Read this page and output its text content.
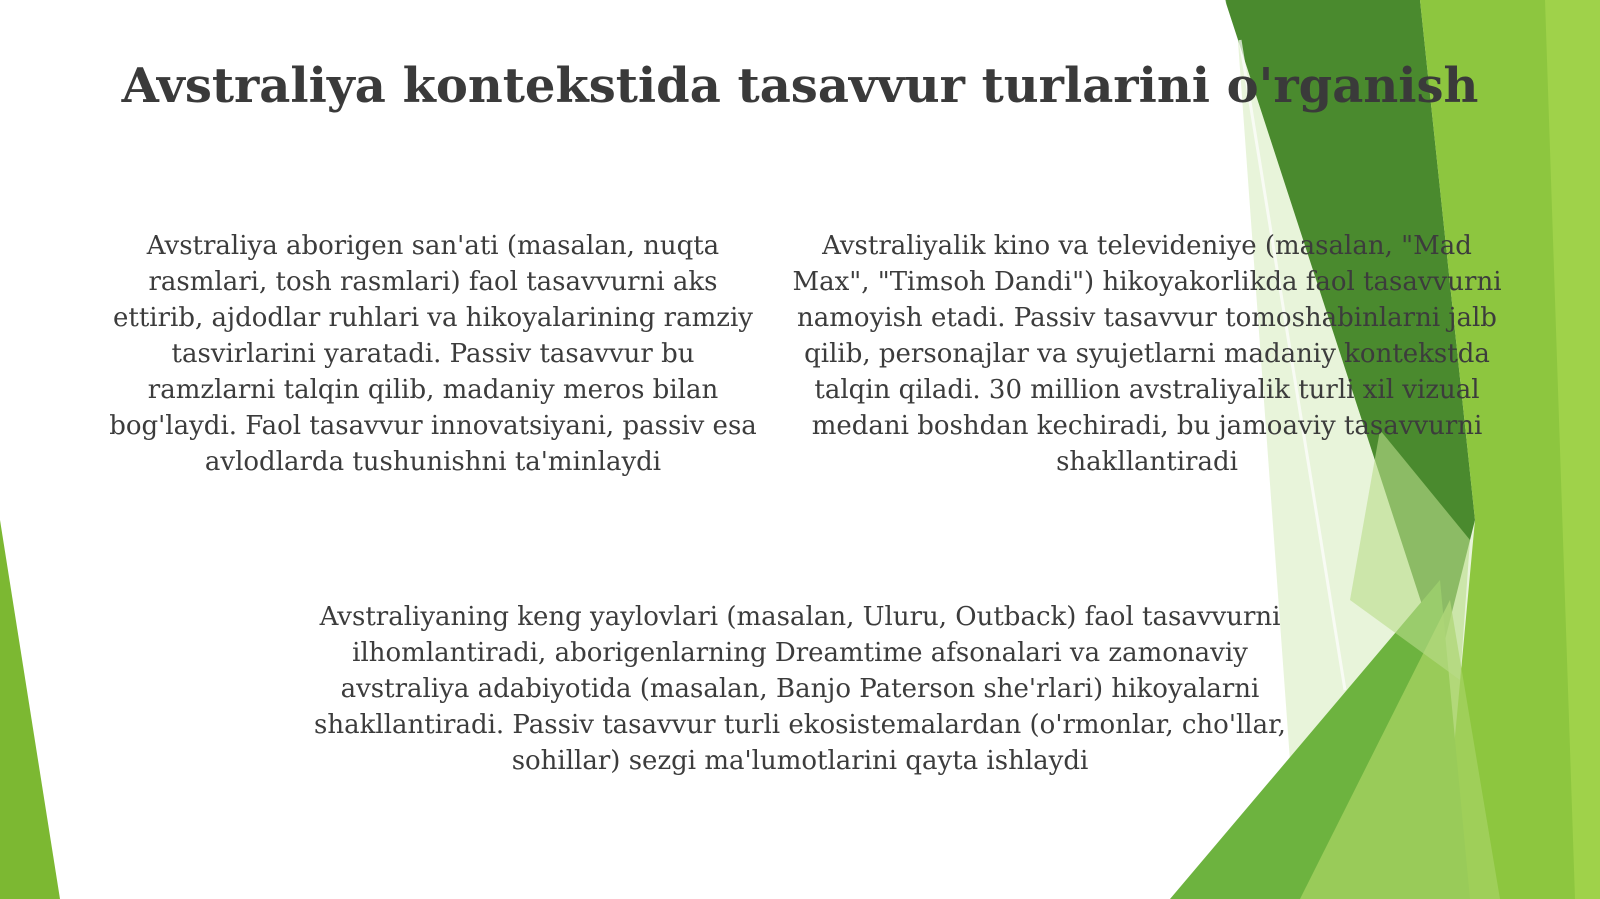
Avstraliya kontekstida tasavvur turlarini o'rganish

Avstraliya aborigen san'ati (masalan, nuqta rasmlari, tosh rasmlari) faol tasavvurni aks ettirib, ajdodlar ruhlari va hikoyalarining ramziy tasvirlarini yaratadi. Passiv tasavvur bu ramzlarni talqin qilib, madaniy meros bilan bog'laydi. Faol tasavvur innovatsiyani, passiv esa avlodlarda tushunishni ta'minlaydi

Avstraliyalik kino va televideniye (masalan, "Mad Max", "Timsoh Dandi") hikoyakorlikda faol tasavvurni namoyish etadi. Passiv tasavvur tomoshabinlarni jalb qilib, personajlar va syujetlarni madaniy kontekstda talqin qiladi. 30 million avstraliyalik turli xil vizual medani boshdan kechiradi, bu jamoaviy tasavvurni shakllantiradi

Avstraliyaning keng yaylovlari (masalan, Uluru, Outback) faol tasavvurni ilhomlantiradi, aborigenlarning Dreamtime afsonalari va zamonaviy avstraliya adabiyotida (masalan, Banjo Paterson she'rlari) hikoyalarni shakllantiradi. Passiv tasavvur turli ekosistemalardan (o'rmonlar, cho'llar, sohillar) sezgi ma'lumotlarini qayta ishlaydi
